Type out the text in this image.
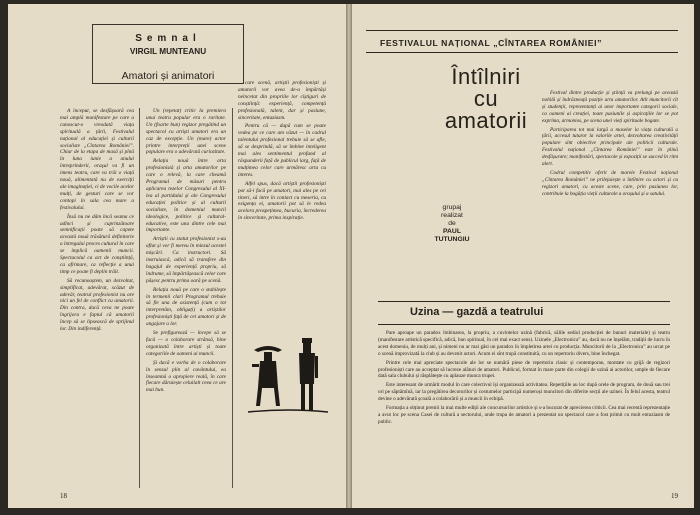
Semnal
VIRGIL MUNTEANU
Amatori și animatori

A început, se desfășoară cea mai amplă manifestare pe care a cunoscut-o vreodată viața spirituală a țării, Festivalul național al educației și culturii socialiste „Cîntarea României”. Chiar de la etapa de masă și pînă în luna iunie a anului întreprinderii, oraşul va fi un imens teatru, care va trăi o viață nouă, alimentată nu de exerciții ale imaginației, ci de vocile acelor mulți, de gesturi care se vor contopi în sala cea mare a festivalului.

Însă nu ne dăm încă seama ce adînci și cuprinzătoare semnificații poate să capete această nouă trăsătură definitorie a întregului proces cultural în care se implică oamenii muncii. Spectacolul ca act de conștiință, ca afirmare, ca reflecție a unui timp ce poate fi deplin trăit.

Să recunoaștem, un dezvoltat, simplificat, adevărat, scăzut de adevăr, teatrul profesionist nu are nici un fel de conflict cu amatorii. Din contra, dacă ceva ne poate îngrijora e faptul că amatorii încep să se lipsească de sprijinul lor. Din indiferență.

Un (repetat) critic la premiera unui teatru popular era o raritate. Un (foarte bun) regizor pregătind un spectacol cu artiști amatori era un caz de excepție. Un (mare) actor printre interpreții unei scene populare era o adevărată curiozitate.

Relația nouă între arta profesionistă și arta amatorilor pe care o relevă, la care cheamă Programul de măsuri pentru aplicarea tezelor Congresului al XI-lea al partidului și ale Congresului educației politice și al culturii socialiste, în domeniul muncii ideologice, politice și cultural-educative, este una dintre cele mai importante.

Artiștii cu statut profesionist s-au aflat și vor fi mereu în miezul acestei mișcări. Ca instructori. Să instruiască, adică să transfere din bagajul de experiență propriu, să îndrume, să împărtășească celor care pășesc pentru prima oară pe scenă.

Relația nouă pe care o stabilește în termenii clari Programul trebuie să fie una de asistență (cum o tot interpretăm, obligați) a artiștilor profesioniști față de cei amatori și de angajare a lor.

Se prefigurează — începe să se facă — o colaborare strânsă, bine organizată între artiști și toate categoriile de oameni ai muncii.

Și dacă e vorba de o colaborare în sensul plin al cuvântului, ea înseamnă o apropiere reală, în care fiecare dăruiește celuilalt ceea ce are mai bun.

care scenă, artiștii profesioniști și amatorii vor avea de-a împărtăși neîncetat din propriile lor cîștiguri de conștiință: experiență, competență profesională, talent, dar și pasiune, sinceritate, entuziasm.

Pentru că — după cum se poate vedea pe ce care am văzut — în cadrul talentului profesional trebuie să se afle, să se desprindă, să se îmbine inteligent mai ales sentimentul profund al răspunderii față de publicul larg, față de mulțimea celor care urmăresc arta cu interes.

Alfel spus, dacă artiștii profesioniști pot să-i facă pe amatori, mai ales pe cei tineri, să intre în contact cu meseria, cu exigența ei, amatorii pot să le redea acelora prospețimea, bucuria, încrederea în sinceritate, prima inspirație.

18
FESTIVALUL NAȚIONAL „CÎNTAREA ROMÂNIEI”
Întîlniri
cu
amatorii
grupaj
realizat
de
PAUL
TUTUNGIU

Festival dintre producție și știință va prelungi pe această nobilă și îndrăzneață poziție arta amatorilor. Atît muncitorii cît și studenții, reprezentanți ai unor importante categorii sociale, ca oameni ai creației, toate pasiunile și aspirațiile lor se pot exprima, armonios, pe scena unei vieți spirituale bogate.

Participarea tot mai largă a maselor la viața culturală a țării, accesul tuturor la valorile artei, dezvoltarea creativității populare sînt obiective principale ale politicii culturale. Festivalul național „Cîntarea României” este în plină desfășurare; manifestări, spectacole și expoziții se succed în ritm alert.

Codrul competitiv oferit de marele Festival național „Cîntarea României” ne prilejuiește o întîlnire cu actori și cu regizori amatori, cu aceste scene, care, prin pasiunea lor, contribuie la bogăția vieții culturale a orașului și a satului.

Uzina — gazdă a teatrului

Pare aproape un paradox îmbinarea, la propriu, a cuvintelor uzină (fabrică, sălile sediul producției de bunuri materiale) și teatru (manifestare artistică specifică, adică, bun spiritual, în cel mai exact sens). Uzinele „Electronica” au, dacă nu ne înșelăm, tradiții de lucru în acest domeniu, de mulți ani, și nimeni nu ar mai găsi un paradox în împletirea artei cu producția. Muncitorii de la „Electronica” au urcat pe o scenă improvizată la club și au devenit actori. Acum ei sînt trupă constituită, cu un repertoriu divers, bine închegat.

Printre cele mai apreciate spectacole ale lor se numără piese de repertoriu clasic și contemporan, montate cu grijă de regizori profesioniști care au acceptat să lucreze alături de amatori. Publicul, format în mare parte din colegii de uzină ai actorilor, umple de fiecare dată sala clubului și răsplătește cu aplauze munca trupei.

Este interesant de urmărit modul în care colectivul își organizează activitatea. Repetițiile au loc după orele de program, de două sau trei ori pe săptămînă, iar la pregătirea decorurilor și costumelor participă numeroși muncitori din diferite secții ale uzinei. În felul acesta, teatrul devine o adevărată școală a colaborării și a muncii în echipă.

Formația a obținut premii la mai multe ediții ale concursurilor artistice și s-a bucurat de aprecierea criticii. Cea mai recentă reprezentație a avut loc pe scena Casei de cultură a sectorului, unde trupa de amatori a prezentat un spectacol care a fost primit cu mult entuziasm de public.

19
